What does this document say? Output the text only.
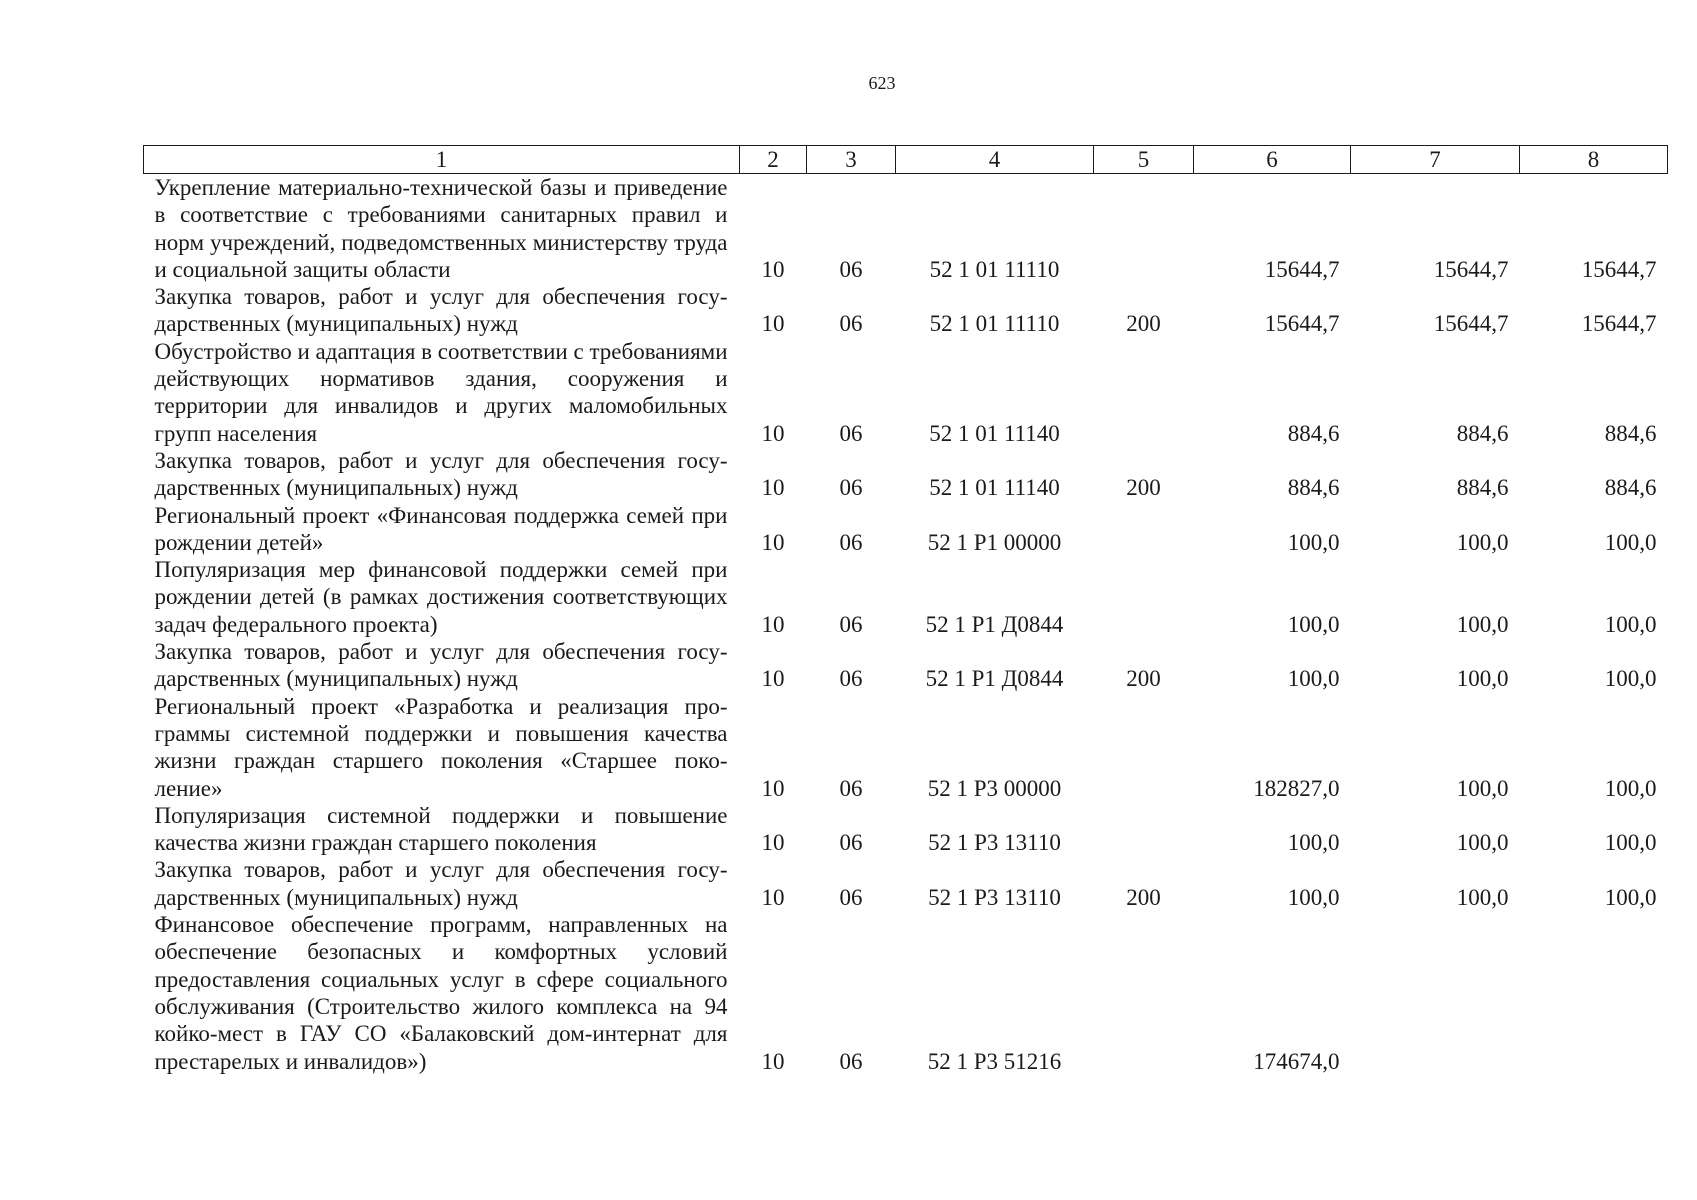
623
1	2	3	4	5	6	7	8
Укрепление материально-технической базы и приведение в соответствие с требованиями санитарных правил и норм учреждений, подведомственных министерству труда и социальной защиты области	10	06	52 1 01 11110		15644,7	15644,7	15644,7
Закупка товаров, работ и услуг для обеспечения государственных (муниципальных) нужд	10	06	52 1 01 11110	200	15644,7	15644,7	15644,7
Обустройство и адаптация в соответствии с требованиями действующих нормативов здания, сооружения и территории для инвалидов и других маломобильных групп населения	10	06	52 1 01 11140		884,6	884,6	884,6
Закупка товаров, работ и услуг для обеспечения государственных (муниципальных) нужд	10	06	52 1 01 11140	200	884,6	884,6	884,6
Региональный проект «Финансовая поддержка семей при рождении детей»	10	06	52 1 P1 00000		100,0	100,0	100,0
Популяризация мер финансовой поддержки семей при рождении детей (в рамках достижения соответствующих задач федерального проекта)	10	06	52 1 P1 Д0844		100,0	100,0	100,0
Закупка товаров, работ и услуг для обеспечения государственных (муниципальных) нужд	10	06	52 1 P1 Д0844	200	100,0	100,0	100,0
Региональный проект «Разработка и реализация программы системной поддержки и повышения качества жизни граждан старшего поколения «Старшее поколение»	10	06	52 1 P3 00000		182827,0	100,0	100,0
Популяризация системной поддержки и повышение качества жизни граждан старшего поколения	10	06	52 1 P3 13110		100,0	100,0	100,0
Закупка товаров, работ и услуг для обеспечения государственных (муниципальных) нужд	10	06	52 1 P3 13110	200	100,0	100,0	100,0
Финансовое обеспечение программ, направленных на обеспечение безопасных и комфортных условий предоставления социальных услуг в сфере социального обслуживания (Строительство жилого комплекса на 94 койко-мест в ГАУ СО «Балаковский дом-интернат для престарелых и инвалидов»)	10	06	52 1 P3 51216		174674,0		
